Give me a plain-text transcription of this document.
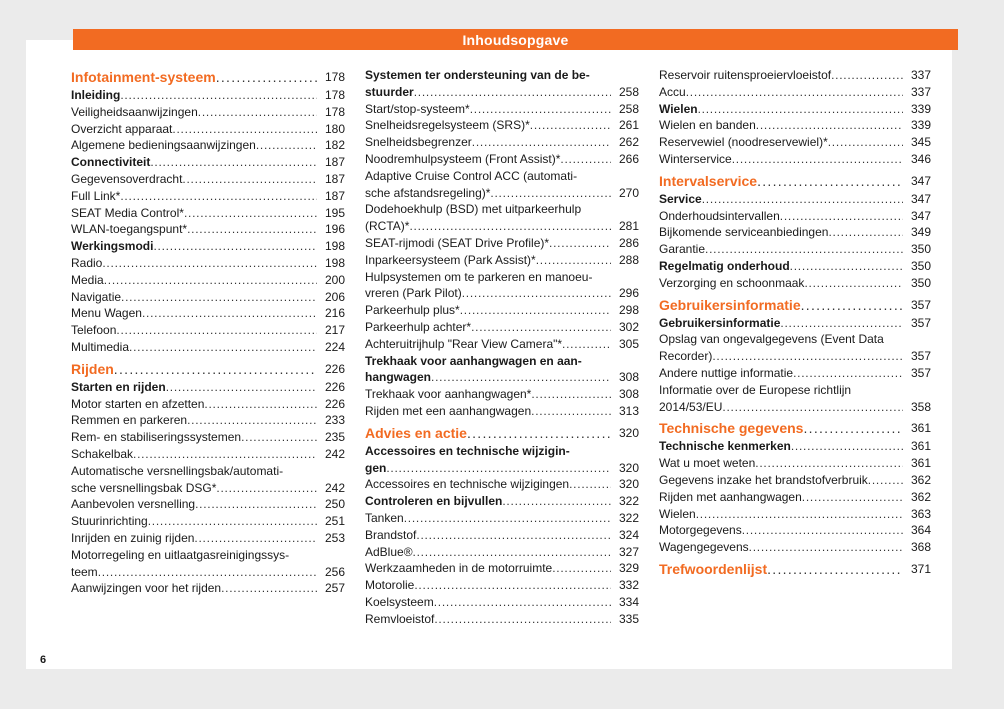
Inhoudsopgave
Infotainment-systeem . . .	178
Inleiding . . .	178
Veiligheidsaanwijzingen . . .	178
Overzicht apparaat . . .	180
Algemene bedieningsaanwijzingen . . .	182
Connectiviteit . . .	187
Gegevensoverdracht . . .	187
Full Link* . . .	187
SEAT Media Control* . . .	195
WLAN-toegangspunt* . . .	196
Werkingsmodi . . .	198
Radio . . .	198
Media . . .	200
Navigatie . . .	206
Menu Wagen . . .	216
Telefoon . . .	217
Multimedia . . .	224
Rijden . . .	226
Starten en rijden . . .	226
Motor starten en afzetten . . .	226
Remmen en parkeren . . .	233
Rem- en stabiliseringssystemen . . .	235
Schakelbak . . .	242
Automatische versnellingsbak/automati-
sche versnellingsbak DSG* . . .	242
Aanbevolen versnelling . . .	250
Stuurinrichting . . .	251
Inrijden en zuinig rijden . . .	253
Motorregeling en uitlaatgasreinigingssys-
teem . . .	256
Aanwijzingen voor het rijden . . .	257
Systemen ter ondersteuning van de be-
stuurder . . .	258
Start/stop-systeem* . . .	258
Snelheidsregelsysteem (SRS)* . . .	261
Snelheidsbegrenzer . . .	262
Noodremhulpsysteem (Front Assist)* . . .	266
Adaptive Cruise Control ACC (automati-
sche afstandsregeling)* . . .	270
Dodehoekhulp (BSD) met uitparkeerhulp
(RCTA)* . . .	281
SEAT-rijmodi (SEAT Drive Profile)* . . .	286
Inparkeersysteem (Park Assist)* . . .	288
Hulpsystemen om te parkeren en manoeu-
vreren (Park Pilot) . . .	296
Parkeerhulp plus* . . .	298
Parkeerhulp achter* . . .	302
Achteruitrijhulp "Rear View Camera"* . . .	305
Trekhaak voor aanhangwagen en aan-
hangwagen . . .	308
Trekhaak voor aanhangwagen* . . .	308
Rijden met een aanhangwagen . . .	313
Advies en actie . . .	320
Accessoires en technische wijzigin-
gen . . .	320
Accessoires en technische wijzigingen . . .	320
Controleren en bijvullen . . .	322
Tanken . . .	322
Brandstof . . .	324
AdBlue® . . .	327
Werkzaamheden in de motorruimte . . .	329
Motorolie . . .	332
Koelsysteem . . .	334
Remvloeistof . . .	335
Reservoir ruitensproeiervloeistof . . .	337
Accu . . .	337
Wielen . . .	339
Wielen en banden . . .	339
Reservewiel (noodreservewiel)* . . .	345
Winterservice . . .	346
Intervalservice . . .	347
Service . . .	347
Onderhoudsintervallen . . .	347
Bijkomende serviceanbiedingen . . .	349
Garantie . . .	350
Regelmatig onderhoud . . .	350
Verzorging en schoonmaak . . .	350
Gebruikersinformatie . . .	357
Gebruikersinformatie . . .	357
Opslag van ongevalgegevens (Event Data
Recorder) . . .	357
Andere nuttige informatie . . .	357
Informatie over de Europese richtlijn
2014/53/EU . . .	358
Technische gegevens . . .	361
Technische kenmerken . . .	361
Wat u moet weten . . .	361
Gegevens inzake het brandstofverbruik . . .	362
Rijden met aanhangwagen . . .	362
Wielen . . .	363
Motorgegevens . . .	364
Wagengegevens . . .	368
Trefwoordenlijst . . .	371
6
